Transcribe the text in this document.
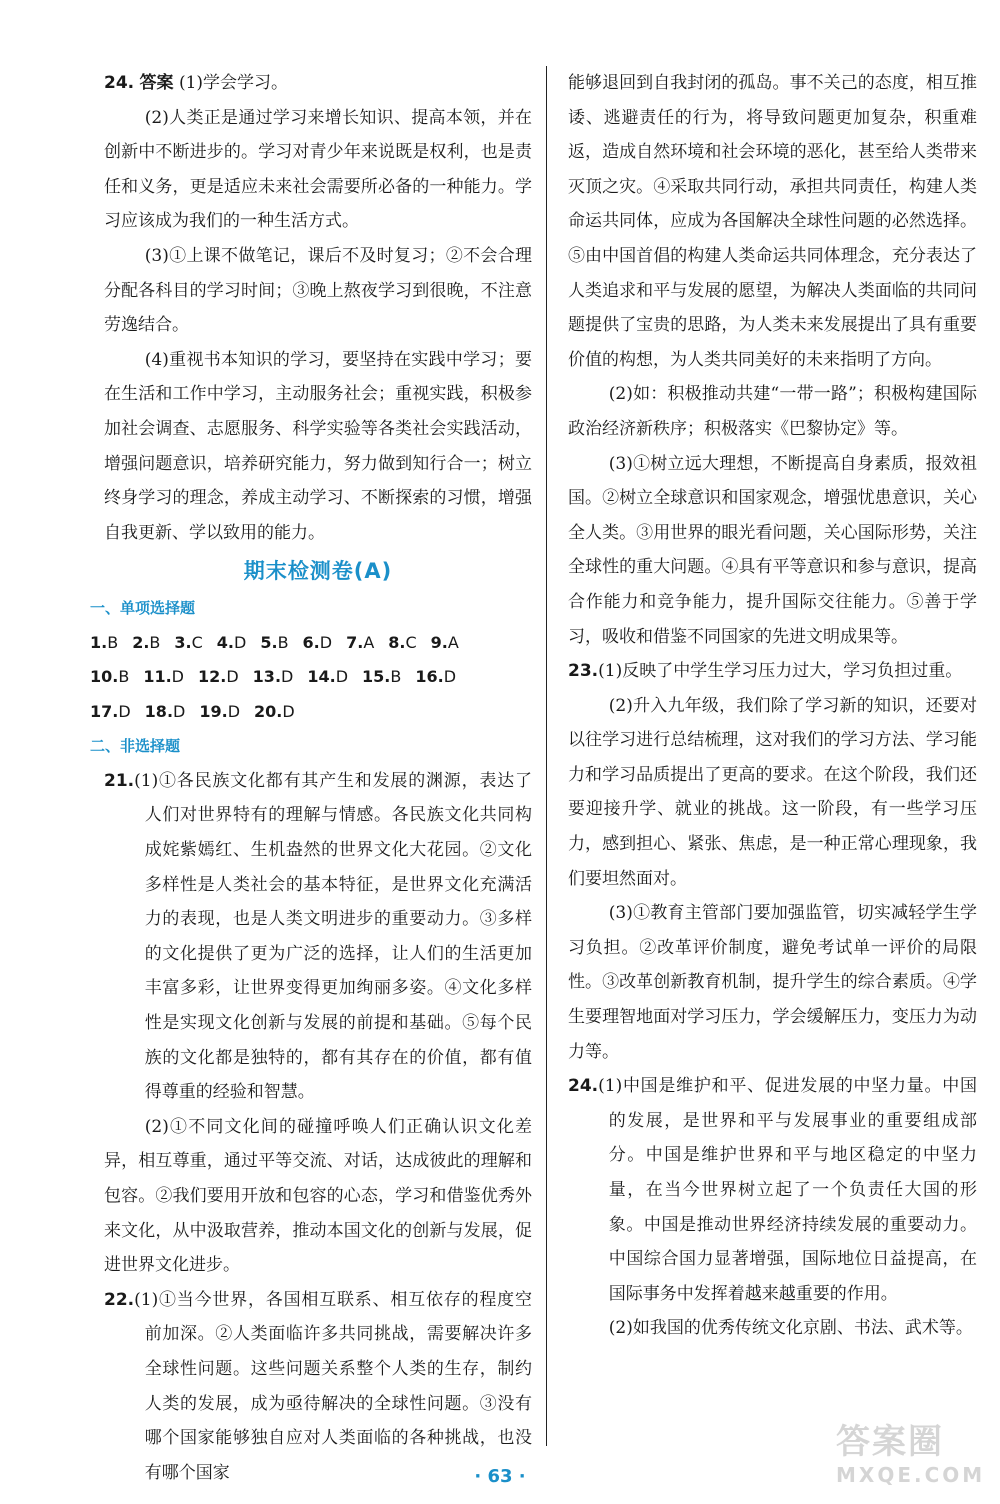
24. 答案 (1)学会学习。

(2)人类正是通过学习来增长知识、提高本领，并在创新中不断进步的。学习对青少年来说既是权利，也是责任和义务，更是适应未来社会需要所必备的一种能力。学习应该成为我们的一种生活方式。

(3)①上课不做笔记，课后不及时复习；②不会合理分配各科目的学习时间；③晚上熬夜学习到很晚，不注意劳逸结合。

(4)重视书本知识的学习，要坚持在实践中学习；要在生活和工作中学习，主动服务社会；重视实践，积极参加社会调查、志愿服务、科学实验等各类社会实践活动，增强问题意识，培养研究能力，努力做到知行合一；树立终身学习的理念，养成主动学习、不断探索的习惯，增强自我更新、学以致用的能力。

期末检测卷(A)
一、单项选择题
1.B 2.B 3.C 4.D 5.B 6.D 7.A 8.C 9.A
10.B 11.D 12.D 13.D 14.D 15.B 16.D
17.D 18.D 19.D 20.D
二、非选择题

21.(1)①各民族文化都有其产生和发展的渊源，表达了人们对世界特有的理解与情感。各民族文化共同构成姹紫嫣红、生机盎然的世界文化大花园。②文化多样性是人类社会的基本特征，是世界文化充满活力的表现，也是人类文明进步的重要动力。③多样的文化提供了更为广泛的选择，让人们的生活更加丰富多彩，让世界变得更加绚丽多姿。④文化多样性是实现文化创新与发展的前提和基础。⑤每个民族的文化都是独特的，都有其存在的价值，都有值得尊重的经验和智慧。

(2)①不同文化间的碰撞呼唤人们正确认识文化差异，相互尊重，通过平等交流、对话，达成彼此的理解和包容。②我们要用开放和包容的心态，学习和借鉴优秀外来文化，从中汲取营养，推动本国文化的创新与发展，促进世界文化进步。

22.(1)①当今世界，各国相互联系、相互依存的程度空前加深。②人类面临许多共同挑战，需要解决许多全球性问题。这些问题关系整个人类的生存，制约人类的发展，成为亟待解决的全球性问题。③没有哪个国家能够独自应对人类面临的各种挑战，也没有哪个国家

能够退回到自我封闭的孤岛。事不关己的态度，相互推诿、逃避责任的行为，将导致问题更加复杂，积重难返，造成自然环境和社会环境的恶化，甚至给人类带来灭顶之灾。④采取共同行动，承担共同责任，构建人类命运共同体，应成为各国解决全球性问题的必然选择。⑤由中国首倡的构建人类命运共同体理念，充分表达了人类追求和平与发展的愿望，为解决人类面临的共同问题提供了宝贵的思路，为人类未来发展提出了具有重要价值的构想，为人类共同美好的未来指明了方向。

(2)如：积极推动共建“一带一路”；积极构建国际政治经济新秩序；积极落实《巴黎协定》等。

(3)①树立远大理想，不断提高自身素质，报效祖国。②树立全球意识和国家观念，增强忧患意识，关心全人类。③用世界的眼光看问题，关心国际形势，关注全球性的重大问题。④具有平等意识和参与意识，提高合作能力和竞争能力，提升国际交往能力。⑤善于学习，吸收和借鉴不同国家的先进文明成果等。

23.(1)反映了中学生学习压力过大，学习负担过重。

(2)升入九年级，我们除了学习新的知识，还要对以往学习进行总结梳理，这对我们的学习方法、学习能力和学习品质提出了更高的要求。在这个阶段，我们还要迎接升学、就业的挑战。这一阶段，有一些学习压力，感到担心、紧张、焦虑，是一种正常心理现象，我们要坦然面对。

(3)①教育主管部门要加强监管，切实减轻学生学习负担。②改革评价制度，避免考试单一评价的局限性。③改革创新教育机制，提升学生的综合素质。④学生要理智地面对学习压力，学会缓解压力，变压力为动力等。

24.(1)中国是维护和平、促进发展的中坚力量。中国的发展，是世界和平与发展事业的重要组成部分。中国是维护世界和平与地区稳定的中坚力量，在当今世界树立起了一个负责任大国的形象。中国是推动世界经济持续发展的重要动力。中国综合国力显著增强，国际地位日益提高，在国际事务中发挥着越来越重要的作用。

(2)如我国的优秀传统文化京剧、书法、武术等。

· 63 ·
答案圈
MXQE.COM
